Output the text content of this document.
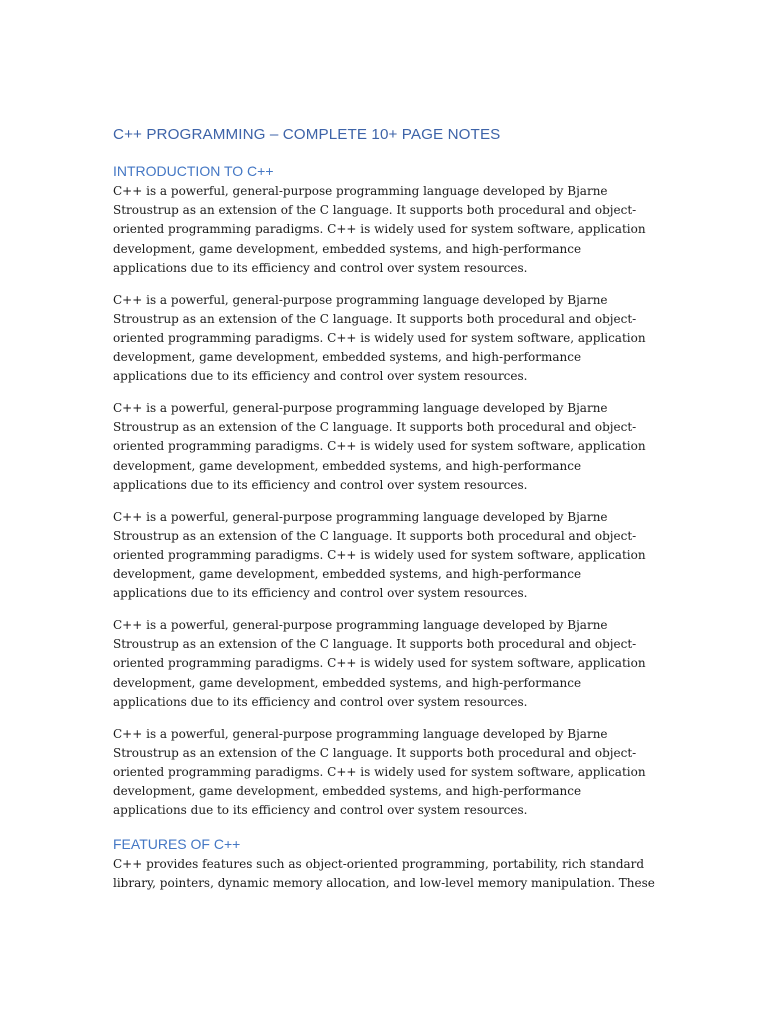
C++ PROGRAMMING – COMPLETE 10+ PAGE NOTES
INTRODUCTION TO C++

C++ is a powerful, general-purpose programming language developed by Bjarne Stroustrup as an extension of the C language. It supports both procedural and object-oriented programming paradigms. C++ is widely used for system software, application development, game development, embedded systems, and high-performance applications due to its efficiency and control over system resources.

C++ is a powerful, general-purpose programming language developed by Bjarne Stroustrup as an extension of the C language. It supports both procedural and object-oriented programming paradigms. C++ is widely used for system software, application development, game development, embedded systems, and high-performance applications due to its efficiency and control over system resources.

C++ is a powerful, general-purpose programming language developed by Bjarne Stroustrup as an extension of the C language. It supports both procedural and object-oriented programming paradigms. C++ is widely used for system software, application development, game development, embedded systems, and high-performance applications due to its efficiency and control over system resources.

C++ is a powerful, general-purpose programming language developed by Bjarne Stroustrup as an extension of the C language. It supports both procedural and object-oriented programming paradigms. C++ is widely used for system software, application development, game development, embedded systems, and high-performance applications due to its efficiency and control over system resources.

C++ is a powerful, general-purpose programming language developed by Bjarne Stroustrup as an extension of the C language. It supports both procedural and object-oriented programming paradigms. C++ is widely used for system software, application development, game development, embedded systems, and high-performance applications due to its efficiency and control over system resources.

C++ is a powerful, general-purpose programming language developed by Bjarne Stroustrup as an extension of the C language. It supports both procedural and object-oriented programming paradigms. C++ is widely used for system software, application development, game development, embedded systems, and high-performance applications due to its efficiency and control over system resources.

FEATURES OF C++

C++ provides features such as object-oriented programming, portability, rich standard library, pointers, dynamic memory allocation, and low-level memory manipulation. These
